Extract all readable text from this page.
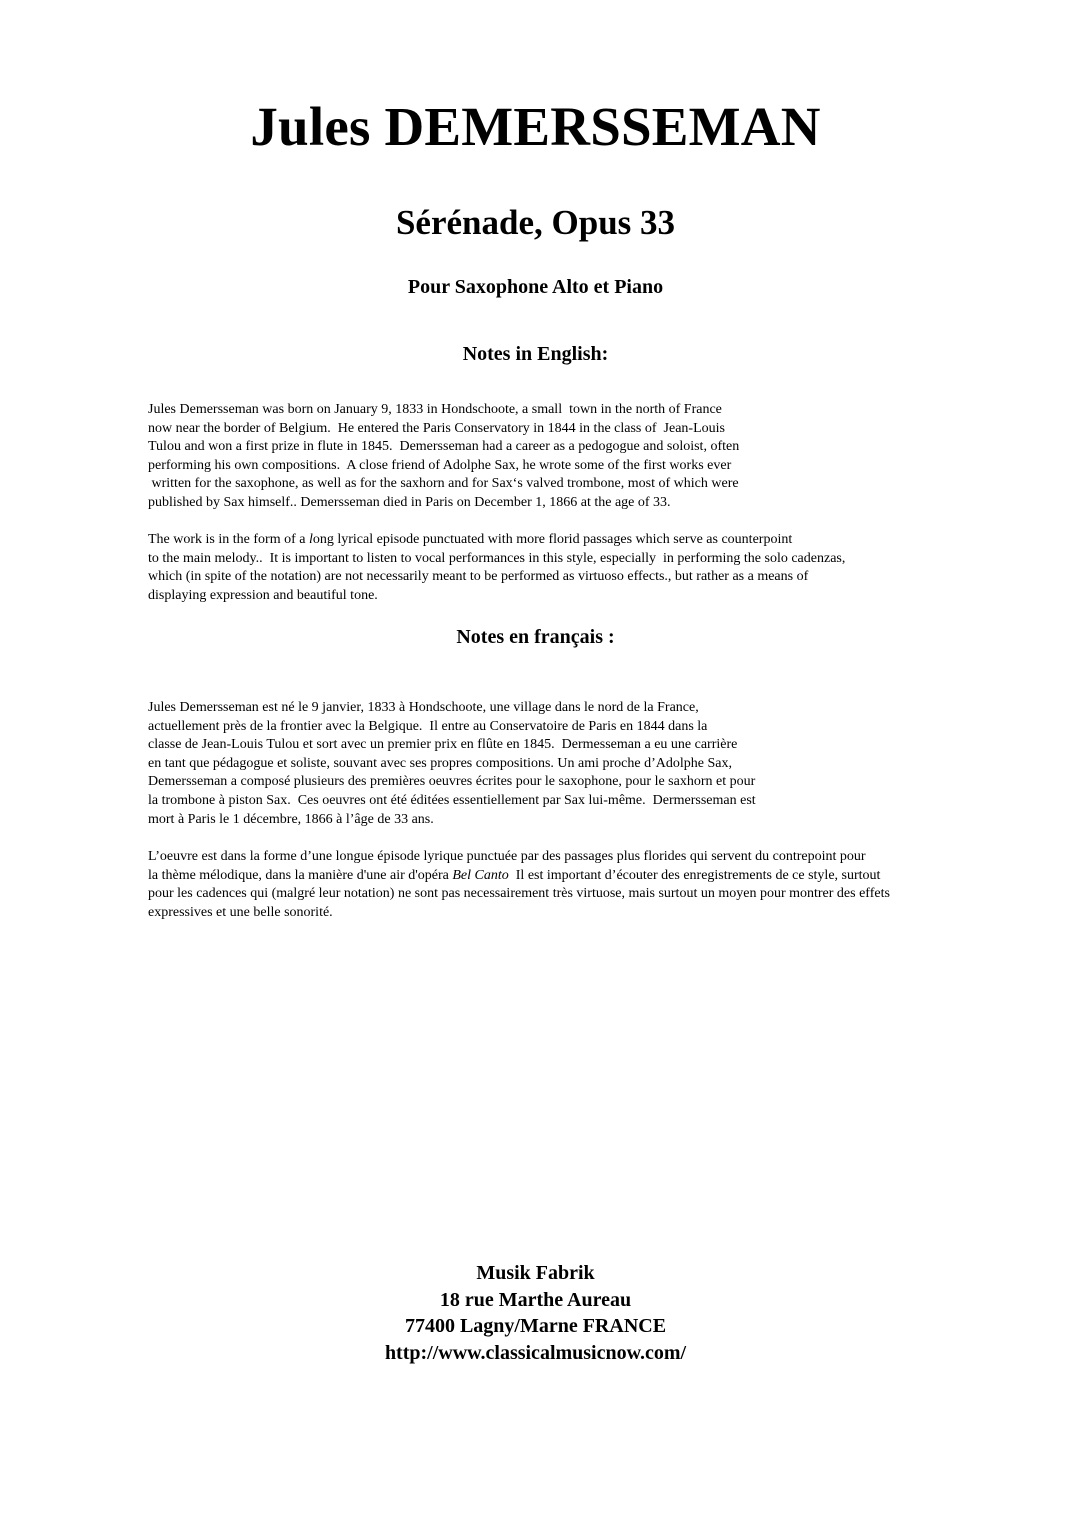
Jules DEMERSSEMAN
Sérénade, Opus 33
Pour Saxophone Alto et Piano
Notes in English:
Jules Demersseman was born on January 9, 1833 in Hondschoote, a small  town in the north of France
now near the border of Belgium.  He entered the Paris Conservatory in 1844 in the class of  Jean-Louis
Tulou and won a first prize in flute in 1845.  Demersseman had a career as a pedogogue and soloist, often
performing his own compositions.  A close friend of Adolphe Sax, he wrote some of the first works ever
written for the saxophone, as well as for the saxhorn and for Sax‘s valved trombone, most of which were
published by Sax himself.. Demersseman died in Paris on December 1, 1866 at the age of 33.
The work is in the form of a long lyrical episode punctuated with more florid passages which serve as counterpoint
to the main melody..  It is important to listen to vocal performances in this style, especially  in performing the solo cadenzas,
which (in spite of the notation) are not necessarily meant to be performed as virtuoso effects., but rather as a means of
displaying expression and beautiful tone.
Notes en français :
Jules Demersseman est né le 9 janvier, 1833 à Hondschoote, une village dans le nord de la France,
actuellement près de la frontier avec la Belgique.  Il entre au Conservatoire de Paris en 1844 dans la
classe de Jean-Louis Tulou et sort avec un premier prix en flûte en 1845.  Dermesseman a eu une carrière
en tant que pédagogue et soliste, souvant avec ses propres compositions. Un ami proche d’Adolphe Sax,
Demersseman a composé plusieurs des premières oeuvres écrites pour le saxophone, pour le saxhorn et pour
la trombone à piston Sax.  Ces oeuvres ont été éditées essentiellement par Sax lui-même.  Dermersseman est
mort à Paris le 1 décembre, 1866 à l’âge de 33 ans.
L’oeuvre est dans la forme d’une longue épisode lyrique punctuée par des passages plus florides qui servent du contrepoint pour
la thème mélodique, dans la manière d'une air d'opéra Bel Canto  Il est important d’écouter des enregistrements de ce style, surtout
pour les cadences qui (malgré leur notation) ne sont pas necessairement très virtuose, mais surtout un moyen pour montrer des effets
expressives et une belle sonorité.
Musik Fabrik
18 rue Marthe Aureau
77400 Lagny/Marne FRANCE
http://www.classicalmusicnow.com/
